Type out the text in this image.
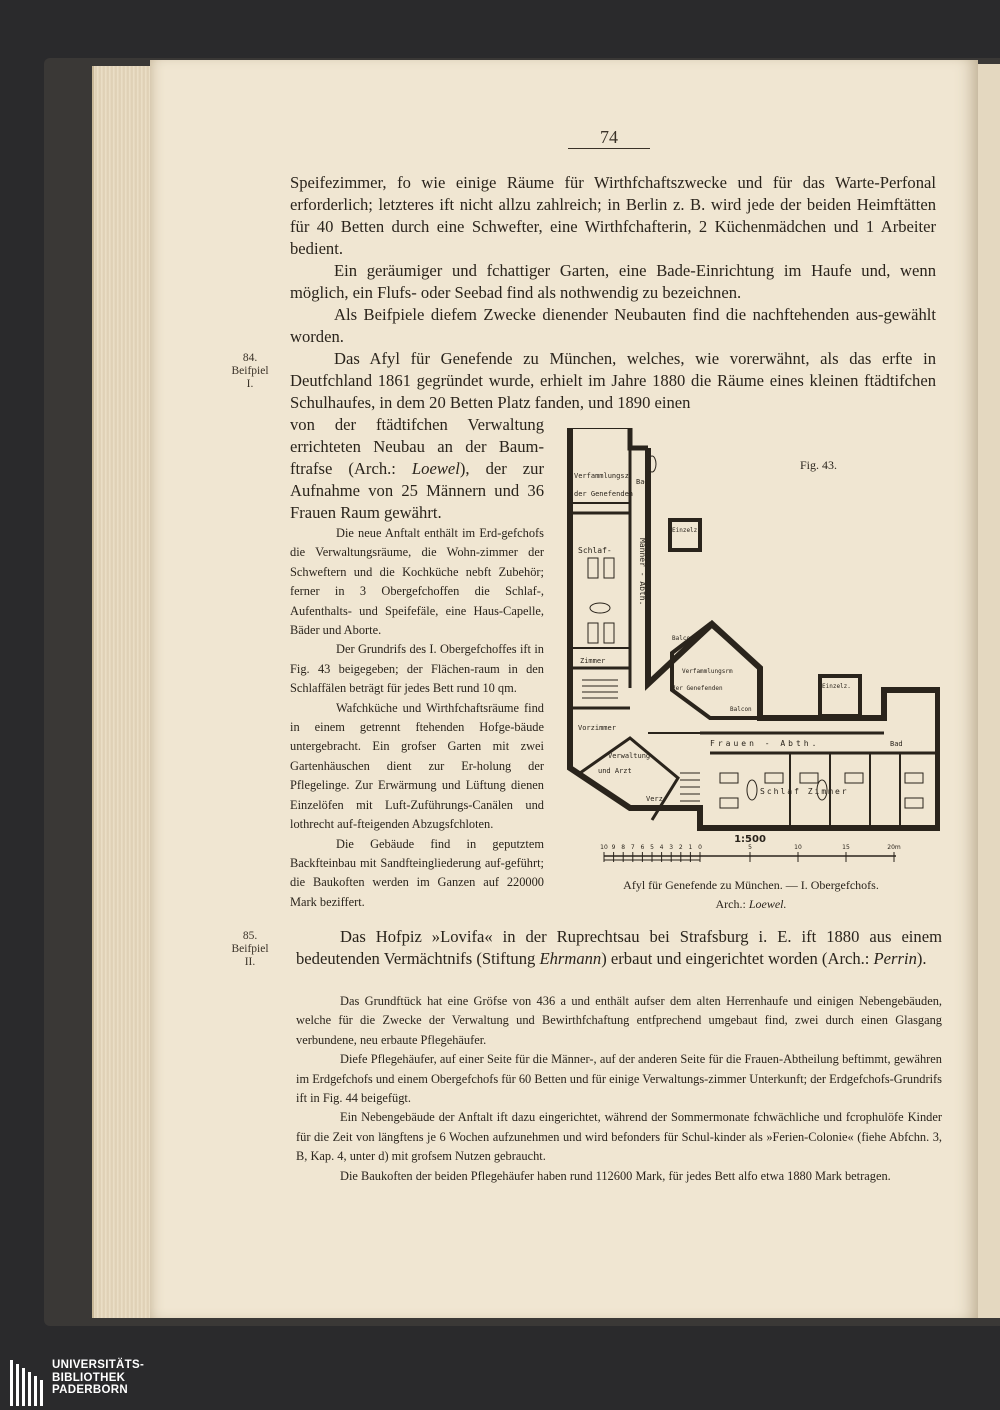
74

Speifezimmer, fo wie einige Räume für Wirthfchaftszwecke und für das Warte-Perfonal erforderlich; letzteres ift nicht allzu zahlreich; in Berlin z. B. wird jede der beiden Heimftätten für 40 Betten durch eine Schwefter, eine Wirthfchafterin, 2 Küchenmädchen und 1 Arbeiter bedient.

Ein geräumiger und fchattiger Garten, eine Bade-Einrichtung im Haufe und, wenn möglich, ein Flufs- oder Seebad find als nothwendig zu bezeichnen.

Als Beifpiele diefem Zwecke dienender Neubauten find die nachftehenden aus-gewählt worden.

84.
Beifpiel
I.

Das Afyl für Genefende zu München, welches, wie vorerwähnt, als das erfte in Deutfchland 1861 gegründet wurde, erhielt im Jahre 1880 die Räume eines kleinen ftädtifchen Schulhaufes, in dem 20 Betten Platz fanden, und 1890 einen

von der ftädtifchen Verwaltung errichteten Neubau an der Baum-ftrafse (Arch.: Loewel), der zur Aufnahme von 25 Männern und 36 Frauen Raum gewährt.

Die neue Anftalt enthält im Erd-gefchofs die Verwaltungsräume, die Wohn-zimmer der Schweftern und die Kochküche nebft Zubehör; ferner in 3 Obergefchoffen die Schlaf-, Aufenthalts- und Speifefäle, eine Haus-Capelle, Bäder und Aborte.

Der Grundrifs des I. Obergefchoffes ift in Fig. 43 beigegeben; der Flächen-raum in den Schlaffälen beträgt für jedes Bett rund 10 qm.

Wafchküche und Wirthfchaftsräume find in einem getrennt ftehenden Hofge-bäude untergebracht. Ein grofser Garten mit zwei Gartenhäuschen dient zur Er-holung der Pflegelinge. Zur Erwärmung und Lüftung dienen Einzelöfen mit Luft-Zuführungs-Canälen und lothrecht auf-fteigenden Abzugsfchloten.

Die Gebäude find in geputztem Backfteinbau mit Sandfteingliederung auf-geführt; die Baukoften werden im Ganzen auf 220000 Mark beziffert.

Fig. 43.
Verfammlungsz.
der Genefenden
Bad
Schlaf-
Zimmer
Männer - Abth.
Einzelz.
Balcon
Verfammlungsrm
der Genefenden
Balcon
Einzelz.
Vorzimmer
Verwaltung
und Arzt
Verz.
Frauen - Abth.	Bad
Schlaf Zimmer
1:500
10 9 8 7 6 5 4 3 2 1 0	5	10	15	20m
Afyl für Genefende zu München. — I. Obergefchofs.
Arch.: Loewel.
85.
Beifpiel
II.

Das Hofpiz »Lovifa« in der Ruprechtsau bei Strafsburg i. E. ift 1880 aus einem bedeutenden Vermächtnifs (Stiftung Ehrmann) erbaut und eingerichtet worden (Arch.: Perrin).

Das Grundftück hat eine Gröfse von 436 a und enthält aufser dem alten Herrenhaufe und einigen Nebengebäuden, welche für die Zwecke der Verwaltung und Bewirthfchaftung entfprechend umgebaut find, zwei durch einen Glasgang verbundene, neu erbaute Pflegehäufer.

Diefe Pflegehäufer, auf einer Seite für die Männer-, auf der anderen Seite für die Frauen-Abtheilung beftimmt, gewähren im Erdgefchofs und einem Obergefchofs für 60 Betten und für einige Verwaltungs-zimmer Unterkunft; der Erdgefchofs-Grundrifs ift in Fig. 44 beigefügt.

Ein Nebengebäude der Anftalt ift dazu eingerichtet, während der Sommermonate fchwächliche und fcrophulöfe Kinder für die Zeit von längftens je 6 Wochen aufzunehmen und wird befonders für Schul-kinder als »Ferien-Colonie« (fiehe Abfchn. 3, B, Kap. 4, unter d) mit grofsem Nutzen gebraucht.

Die Baukoften der beiden Pflegehäufer haben rund 112600 Mark, für jedes Bett alfo etwa 1880 Mark betragen.

UNIVERSITÄTS-
BIBLIOTHEK
PADERBORN
